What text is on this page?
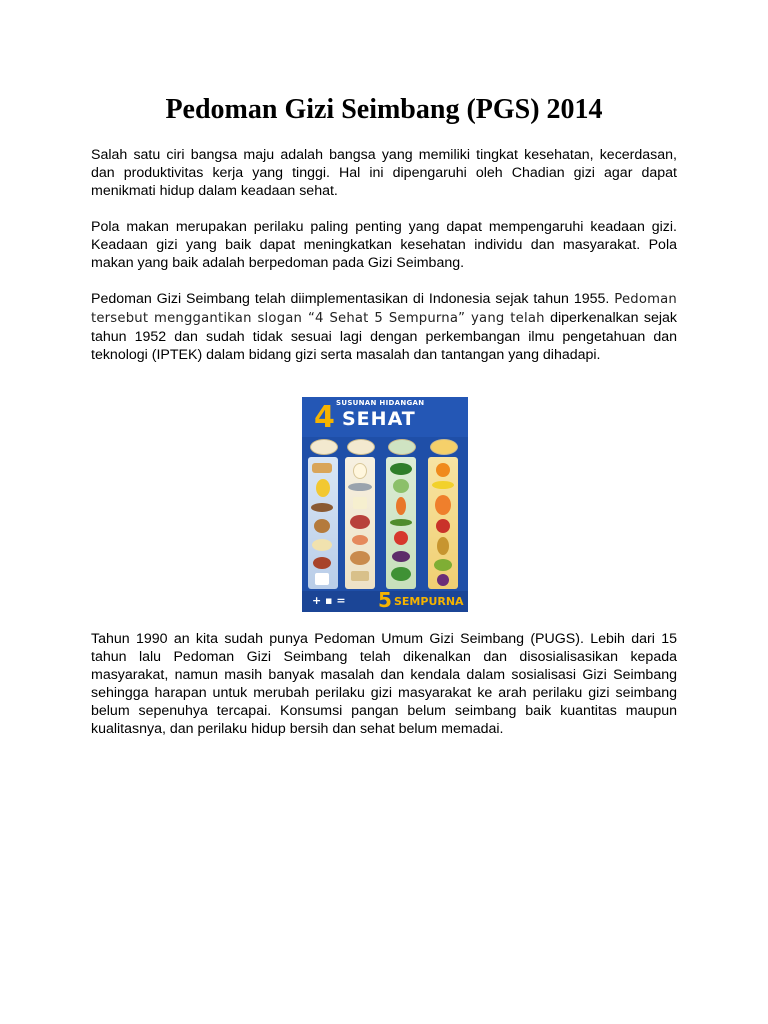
Pedoman Gizi Seimbang (PGS) 2014

Salah satu ciri bangsa maju adalah bangsa yang memiliki tingkat kesehatan, kecerdasan, dan produktivitas kerja yang tinggi. Hal ini dipengaruhi oleh Chadian gizi agar dapat menikmati hidup dalam keadaan sehat.

Pola makan merupakan perilaku paling penting yang dapat mempengaruhi keadaan gizi. Keadaan gizi yang baik dapat meningkatkan kesehatan individu dan masyarakat. Pola makan yang baik adalah berpedoman pada Gizi Seimbang.

Pedoman Gizi Seimbang telah diimplementasikan di Indonesia sejak tahun 1955. Pedoman tersebut menggantikan slogan “4 Sehat 5 Sempurna” yang telah diperkenalkan sejak tahun 1952 dan sudah tidak sesuai lagi dengan perkembangan ilmu pengetahuan dan teknologi (IPTEK) dalam bidang gizi serta masalah dan tantangan yang dihadapi.

SUSUNAN HIDANGAN
4 SEHAT
+ ▪ = 5 SEMPURNA

Tahun 1990 an kita sudah punya Pedoman Umum Gizi Seimbang (PUGS). Lebih dari 15 tahun lalu Pedoman Gizi Seimbang telah dikenalkan dan disosialisasikan kepada masyarakat, namun masih banyak masalah dan kendala dalam sosialisasi Gizi Seimbang sehingga harapan untuk merubah perilaku gizi masyarakat ke arah perilaku gizi seimbang belum sepenuhya tercapai. Konsumsi pangan belum seimbang baik kuantitas maupun kualitasnya, dan perilaku hidup bersih dan sehat belum memadai.
